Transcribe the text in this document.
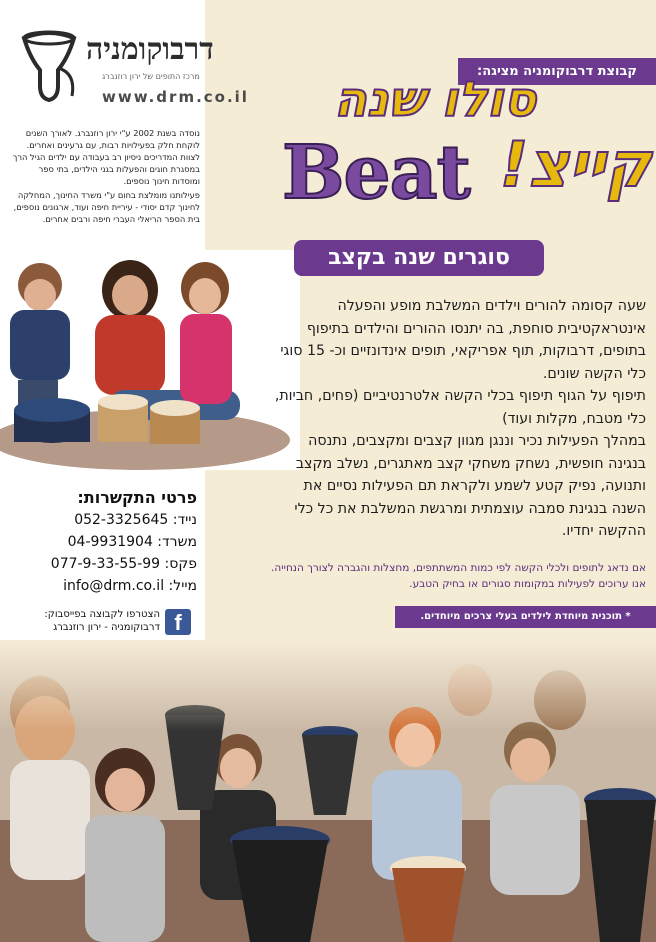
דרבוקומניה
מרכז התופים של ירון רוזנברג
www.drm.co.il

נוסדה בשנת 2002 ע"י ירון רוזנברג. לאורך השנים לוקחת חלק בפעילויות רבות, עם גרעינים ואחרים. לצוות המדריכים ניסיון רב בעבודה עם ילדים הגיל הרך במסגרת חוגים והפעלות בגני הילדים, בתי ספר ומוסדות חינוך נוספים.

פעילותנו מומלצת בחום ע"י משרד החינוך, המחלקה לחינוך קדם יסודי - עיריית חיפה ועוד, ארגונים נוספים, בית הספר הריאלי העברי חיפה ורבים אחרים.

פרטי התקשרות:
נייד: 052-3325645
משרד: 04-9931904
פקס: 077-9-33-55-99
מייל: info@drm.co.il
f
הצטרפו לקבוצה בפייסבוק: דרבוקומניה - ירון רוזנברג
קבוצת דרבוקומניה מציגה:
סולו שנה
Beat קייצ!
סוגרים שנה בקצב

שעה קסומה להורים וילדים המשלבת מופע והפעלה אינטראקטיבית סוחפת, בה יתנסו ההורים והילדים בתיפוף בתופים, דרבוקות, תוף אפריקאי, תופים אינדונזיים וכ- 15 סוגי כלי הקשה שונים.

תיפוף על הגוף תיפוף בכלי הקשה אלטרנטיביים (פחים, חביות, כלי מטבח, מקלות ועוד)

במהלך הפעילות נכיר וננגן מגוון קצבים ומקצבים, נתנסה בנגינה חופשית, נשחק משחקי קצב מאתגרים, נשלב מקצב ותנועה, נפיק קטע לשמע ולקראת תם הפעילות נסיים את השנה בנגינת סמבה עוצמתית ומרגשת המשלבת את כל כלי ההקשה יחדיו.

אם נדאג לתופים ולכלי הקשה לפי כמות המשתתפים, מחצלות והגברה לצורך הנחייה. אנו ערוכים לפעילות במקומות סגורים או בחיק הטבע.
* תוכנית מיוחדת לילדים בעלי צרכים מיוחדים.
